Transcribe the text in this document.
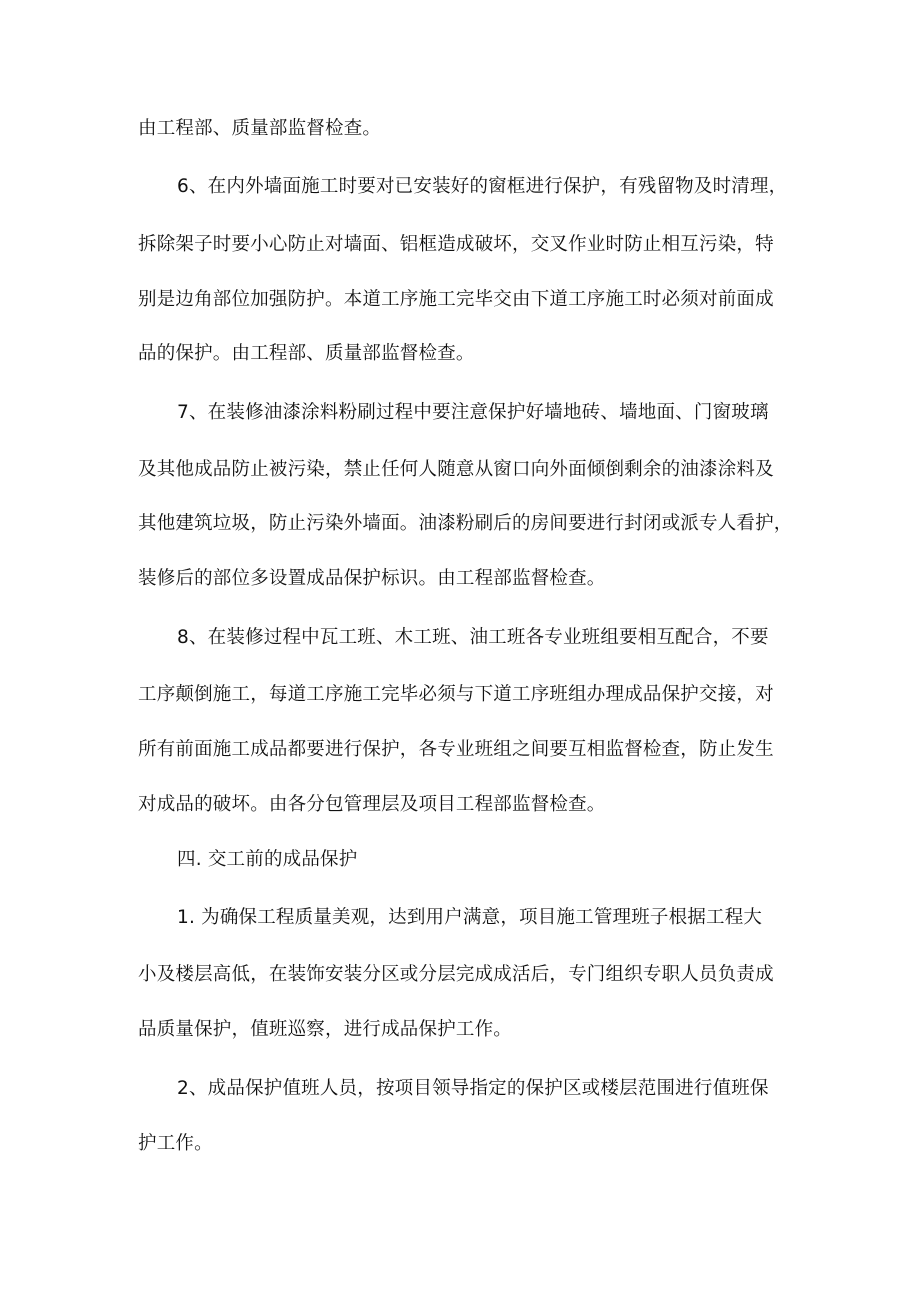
由工程部、质量部监督检查。
6、在内外墙面施工时要对已安装好的窗框进行保护，有残留物及时清理，
拆除架子时要小心防止对墙面、铝框造成破坏，交叉作业时防止相互污染，特
别是边角部位加强防护。本道工序施工完毕交由下道工序施工时必须对前面成
品的保护。由工程部、质量部监督检查。
7、在装修油漆涂料粉刷过程中要注意保护好墙地砖、墙地面、门窗玻璃
及其他成品防止被污染，禁止任何人随意从窗口向外面倾倒剩余的油漆涂料及
其他建筑垃圾，防止污染外墙面。油漆粉刷后的房间要进行封闭或派专人看护，
装修后的部位多设置成品保护标识。由工程部监督检查。
8、在装修过程中瓦工班、木工班、油工班各专业班组要相互配合，不要
工序颠倒施工，每道工序施工完毕必须与下道工序班组办理成品保护交接，对
所有前面施工成品都要进行保护，各专业班组之间要互相监督检查，防止发生
对成品的破坏。由各分包管理层及项目工程部监督检查。
四. 交工前的成品保护
1. 为确保工程质量美观，达到用户满意，项目施工管理班子根据工程大
小及楼层高低，在装饰安装分区或分层完成成活后，专门组织专职人员负责成
品质量保护，值班巡察，进行成品保护工作。
2、成品保护值班人员，按项目领导指定的保护区或楼层范围进行值班保
护工作。
